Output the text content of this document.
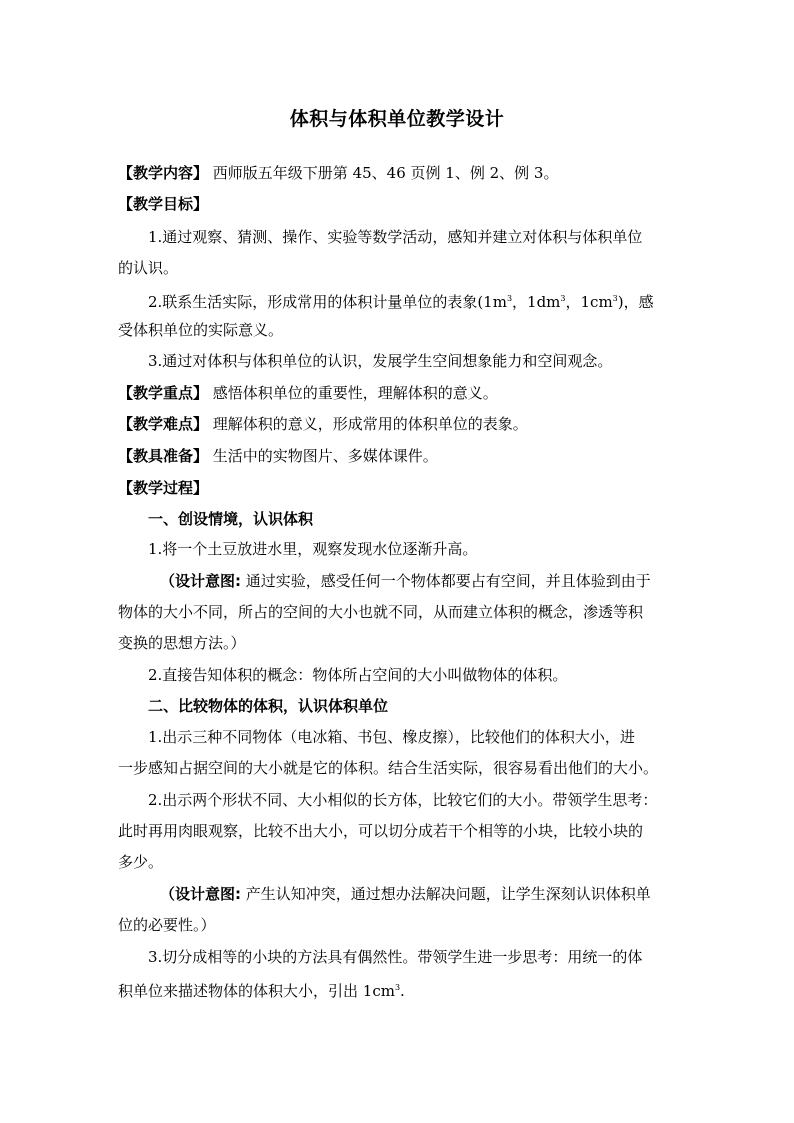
体积与体积单位教学设计
【教学内容】 西师版五年级下册第 45、46 页例 1、例 2、例 3。
【教学目标】
1.通过观察、猜测、操作、实验等数学活动，感知并建立对体积与体积单位
的认识。
2.联系生活实际，形成常用的体积计量单位的表象($1m^3$，$1dm^3$，$1cm^3$)，感
受体积单位的实际意义。
3.通过对体积与体积单位的认识，发展学生空间想象能力和空间观念。
【教学重点】 感悟体积单位的重要性，理解体积的意义。
【教学难点】 理解体积的意义，形成常用的体积单位的表象。
【教具准备】 生活中的实物图片、多媒体课件。
【教学过程】
一、创设情境，认识体积
1.将一个土豆放进水里，观察发现水位逐渐升高。
（设计意图: 通过实验，感受任何一个物体都要占有空间，并且体验到由于
物体的大小不同，所占的空间的大小也就不同，从而建立体积的概念，渗透等积
变换的思想方法。）
2.直接告知体积的概念：物体所占空间的大小叫做物体的体积。
二、比较物体的体积，认识体积单位
1.出示三种不同物体（电冰箱、书包、橡皮擦），比较他们的体积大小，进
一步感知占据空间的大小就是它的体积。结合生活实际，很容易看出他们的大小。
2.出示两个形状不同、大小相似的长方体，比较它们的大小。带领学生思考：
此时再用肉眼观察，比较不出大小，可以切分成若干个相等的小块，比较小块的
多少。
（设计意图: 产生认知冲突，通过想办法解决问题，让学生深刻认识体积单
位的必要性。）
3.切分成相等的小块的方法具有偶然性。带领学生进一步思考：用统一的体
积单位来描述物体的体积大小，引出 $1cm^3$.
